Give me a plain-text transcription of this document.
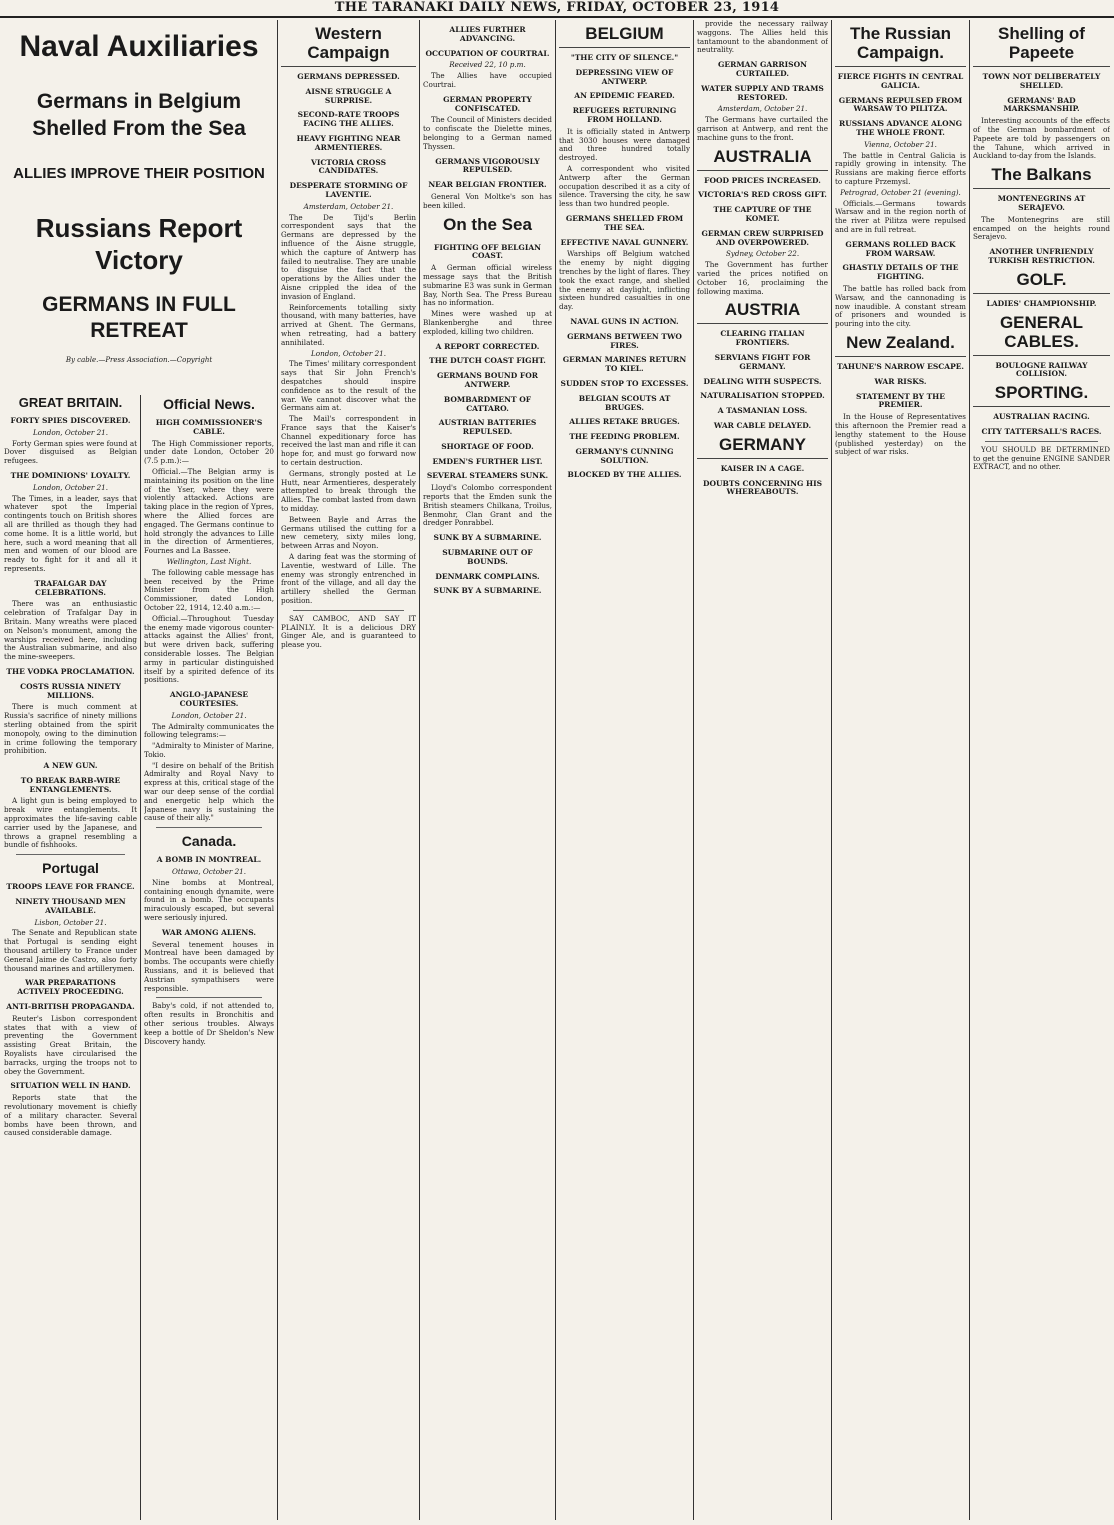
THE TARANAKI DAILY NEWS, FRIDAY, OCTOBER 23, 1914
Naval Auxiliaries
Germans in Belgium Shelled From the Sea
ALLIES IMPROVE THEIR POSITION
Russians Report Victory
GERMANS IN FULL RETREAT
By cable.—Press Association.—Copyright
GREAT BRITAIN.
FORTY SPIES DISCOVERED.
London, October 21.

Forty German spies were found at Dover disguised as Belgian refugees.

THE DOMINIONS' LOYALTY.
London, October 21.

The Times, in a leader, says that whatever spot the Imperial contingents touch on British shores all are thrilled as though they had come home. It is a little world, but here, such a word meaning that all men and women of our blood are ready to fight for it and all it represents.

TRAFALGAR DAY CELEBRATIONS.

There was an enthusiastic celebration of Trafalgar Day in Britain. Many wreaths were placed on Nelson's monument, among the warships received here, including the Australian submarine, and also the mine-sweepers.

THE VODKA PROCLAMATION.
COSTS RUSSIA NINETY MILLIONS.

There is much comment at Russia's sacrifice of ninety millions sterling obtained from the spirit monopoly, owing to the diminution in crime following the temporary prohibition.

A NEW GUN.
TO BREAK BARB-WIRE ENTANGLEMENTS.

A light gun is being employed to break wire entanglements. It approximates the life-saving cable carrier used by the Japanese, and throws a grapnel resembling a bundle of fishhooks.

Portugal
TROOPS LEAVE FOR FRANCE.
NINETY THOUSAND MEN AVAILABLE.
Lisbon, October 21.

The Senate and Republican state that Portugal is sending eight thousand artillery to France under General Jaime de Castro, also forty thousand marines and artillerymen.

WAR PREPARATIONS ACTIVELY PROCEEDING.
ANTI-BRITISH PROPAGANDA.

Reuter's Lisbon correspondent states that with a view of preventing the Government assisting Great Britain, the Royalists have circularised the barracks, urging the troops not to obey the Government.

SITUATION WELL IN HAND.

Reports state that the revolutionary movement is chiefly of a military character. Several bombs have been thrown, and caused considerable damage.

Official News.
HIGH COMMISSIONER'S CABLE.

The High Commissioner reports, under date London, October 20 (7.5 p.m.):—

Official.—The Belgian army is maintaining its position on the line of the Yser, where they were violently attacked. Actions are taking place in the region of Ypres, where the Allied forces are engaged. The Germans continue to hold strongly the advances to Lille in the direction of Armentieres, Fournes and La Bassee.

Wellington, Last Night.

The following cable message has been received by the Prime Minister from the High Commissioner, dated London, October 22, 1914, 12.40 a.m.:—

Official.—Throughout Tuesday the enemy made vigorous counter-attacks against the Allies' front, but were driven back, suffering considerable losses. The Belgian army in particular distinguished itself by a spirited defence of its positions.

ANGLO-JAPANESE COURTESIES.
London, October 21.

The Admiralty communicates the following telegrams:—

"Admiralty to Minister of Marine, Tokio.

"I desire on behalf of the British Admiralty and Royal Navy to express at this, critical stage of the war our deep sense of the cordial and energetic help which the Japanese navy is sustaining the cause of their ally."

Canada.
A BOMB IN MONTREAL.
Ottawa, October 21.

Nine bombs at Montreal, containing enough dynamite, were found in a bomb. The occupants miraculously escaped, but several were seriously injured.

WAR AMONG ALIENS.

Several tenement houses in Montreal have been damaged by bombs. The occupants were chiefly Russians, and it is believed that Austrian sympathisers were responsible.

Baby's cold, if not attended to, often results in Bronchitis and other serious troubles. Always keep a bottle of Dr Sheldon's New Discovery handy.

Western Campaign
GERMANS DEPRESSED.
AISNE STRUGGLE A SURPRISE.
SECOND-RATE TROOPS FACING THE ALLIES.
HEAVY FIGHTING NEAR ARMENTIERES.
VICTORIA CROSS CANDIDATES.
DESPERATE STORMING OF LAVENTIE.
Amsterdam, October 21.

The De Tijd's Berlin correspondent says that the Germans are depressed by the influence of the Aisne struggle, which the capture of Antwerp has failed to neutralise. They are unable to disguise the fact that the operations by the Allies under the Aisne crippled the idea of the invasion of England.

Reinforcements totalling sixty thousand, with many batteries, have arrived at Ghent. The Germans, when retreating, had a battery annihilated.

London, October 21.

The Times' military correspondent says that Sir John French's despatches should inspire confidence as to the result of the war. We cannot discover what the Germans aim at.

The Mail's correspondent in France says that the Kaiser's Channel expeditionary force has received the last man and rifle it can hope for, and must go forward now to certain destruction.

Germans, strongly posted at Le Hutt, near Armentieres, desperately attempted to break through the Allies. The combat lasted from dawn to midday.

Between Bayle and Arras the Germans utilised the cutting for a new cemetery, sixty miles long, between Arras and Noyon.

A daring feat was the storming of Laventie, westward of Lille. The enemy was strongly entrenched in front of the village, and all day the artillery shelled the German position.

SAY CAMBOC, AND SAY IT PLAINLY. It is a delicious DRY Ginger Ale, and is guaranteed to please you.

ALLIES FURTHER ADVANCING.
OCCUPATION OF COURTRAI.
Received 22, 10 p.m.

The Allies have occupied Courtrai.

GERMAN PROPERTY CONFISCATED.

The Council of Ministers decided to confiscate the Dielette mines, belonging to a German named Thyssen.

GERMANS VIGOROUSLY REPULSED.
NEAR BELGIAN FRONTIER.

General Von Moltke's son has been killed.

On the Sea
FIGHTING OFF BELGIAN COAST.

A German official wireless message says that the British submarine E3 was sunk in German Bay, North Sea. The Press Bureau has no information.

Mines were washed up at Blankenberghe and three exploded, killing two children.

A REPORT CORRECTED.
THE DUTCH COAST FIGHT.
GERMANS BOUND FOR ANTWERP.
BOMBARDMENT OF CATTARO.
AUSTRIAN BATTERIES REPULSED.
SHORTAGE OF FOOD.
EMDEN'S FURTHER LIST.
SEVERAL STEAMERS SUNK.

Lloyd's Colombo correspondent reports that the Emden sunk the British steamers Chilkana, Troilus, Benmohr, Clan Grant and the dredger Ponrabbel.

SUNK BY A SUBMARINE.
SUBMARINE OUT OF BOUNDS.
DENMARK COMPLAINS.
SUNK BY A SUBMARINE.
BELGIUM
"THE CITY OF SILENCE."
DEPRESSING VIEW OF ANTWERP.
AN EPIDEMIC FEARED.
REFUGEES RETURNING FROM HOLLAND.

It is officially stated in Antwerp that 3030 houses were damaged and three hundred totally destroyed.

A correspondent who visited Antwerp after the German occupation described it as a city of silence. Traversing the city, he saw less than two hundred people.

GERMANS SHELLED FROM THE SEA.
EFFECTIVE NAVAL GUNNERY.

Warships off Belgium watched the enemy by night digging trenches by the light of flares. They took the exact range, and shelled the enemy at daylight, inflicting sixteen hundred casualties in one day.

NAVAL GUNS IN ACTION.
GERMANS BETWEEN TWO FIRES.
GERMAN MARINES RETURN TO KIEL.
SUDDEN STOP TO EXCESSES.
BELGIAN SCOUTS AT BRUGES.
ALLIES RETAKE BRUGES.
THE FEEDING PROBLEM.
GERMANY'S CUNNING SOLUTION.
BLOCKED BY THE ALLIES.

provide the necessary railway waggons. The Allies held this tantamount to the abandonment of neutrality.

GERMAN GARRISON CURTAILED.
WATER SUPPLY AND TRAMS RESTORED.
Amsterdam, October 21.

The Germans have curtailed the garrison at Antwerp, and rent the machine guns to the front.

AUSTRALIA
FOOD PRICES INCREASED.
VICTORIA'S RED CROSS GIFT.
THE CAPTURE OF THE KOMET.
GERMAN CREW SURPRISED AND OVERPOWERED.
Sydney, October 22.

The Government has further varied the prices notified on October 16, proclaiming the following maxima.

AUSTRIA
CLEARING ITALIAN FRONTIERS.
SERVIANS FIGHT FOR GERMANY.
DEALING WITH SUSPECTS.
NATURALISATION STOPPED.
A TASMANIAN LOSS.
WAR CABLE DELAYED.
GERMANY
KAISER IN A CAGE.
DOUBTS CONCERNING HIS WHEREABOUTS.
The Russian Campaign.
FIERCE FIGHTS IN CENTRAL GALICIA.
GERMANS REPULSED FROM WARSAW TO PILITZA.
RUSSIANS ADVANCE ALONG THE WHOLE FRONT.
Vienna, October 21.

The battle in Central Galicia is rapidly growing in intensity. The Russians are making fierce efforts to capture Przemysl.

Petrograd, October 21 (evening).

Officials.—Germans towards Warsaw and in the region north of the river at Pilitza were repulsed and are in full retreat.

GERMANS ROLLED BACK FROM WARSAW.
GHASTLY DETAILS OF THE FIGHTING.

The battle has rolled back from Warsaw, and the cannonading is now inaudible. A constant stream of prisoners and wounded is pouring into the city.

New Zealand.
TAHUNE'S NARROW ESCAPE.
WAR RISKS.
STATEMENT BY THE PREMIER.

In the House of Representatives this afternoon the Premier read a lengthy statement to the House (published yesterday) on the subject of war risks.

Shelling of Papeete
TOWN NOT DELIBERATELY SHELLED.
GERMANS' BAD MARKSMANSHIP.

Interesting accounts of the effects of the German bombardment of Papeete are told by passengers on the Tahune, which arrived in Auckland to-day from the Islands.

The Balkans
MONTENEGRINS AT SERAJEVO.

The Montenegrins are still encamped on the heights round Serajevo.

ANOTHER UNFRIENDLY TURKISH RESTRICTION.
GOLF.
LADIES' CHAMPIONSHIP.
GENERAL CABLES.
BOULOGNE RAILWAY COLLISION.
SPORTING.
AUSTRALIAN RACING.
CITY TATTERSALL'S RACES.

YOU SHOULD BE DETERMINED to get the genuine ENGINE SANDER EXTRACT, and no other.
